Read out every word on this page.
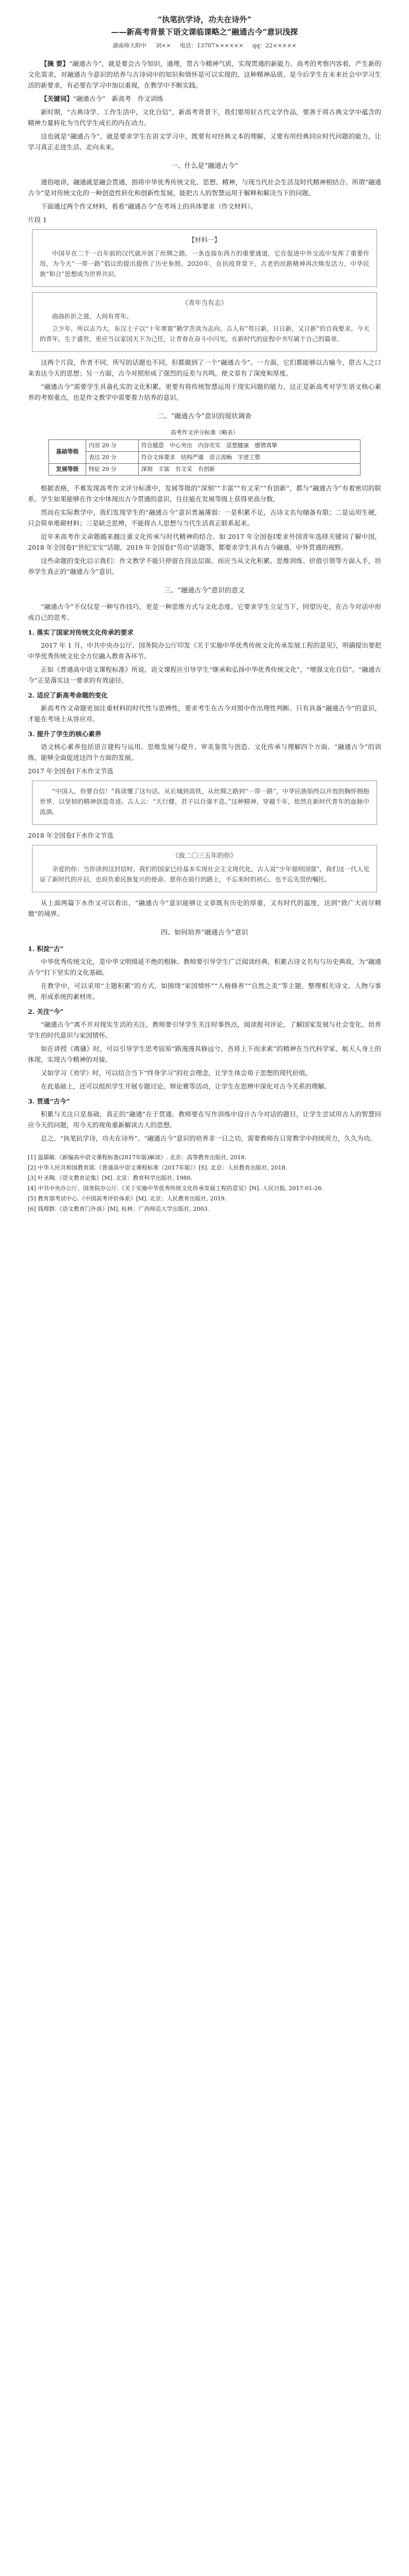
“执笔抗学诗，功夫在诗外”
——新高考背景下语文课临课略之“融通古今”意识浅探
湖南师大附中 刘×× 电话：13707×××××× qq：22×××××

【摘 要】“融通古今”，就是要会古今知识，通理，贯古今精神气质，实现贯通的新能力。高考的考察内容看，产生新的文化需求，对融通古今意识的培养与古诗词中的知识和情怀是可以实现的，这种精神品质，是今后学生在未来社会中学习生活的新要求，有必要在学习中加以重视，在教学中不断实践。

【关键词】“融通古今”　新高考　作文训练

新时期，“古典诗学、工作生活中，文化自信”，新高考背景下，我们要用好古代文学作品，要善于将古典文学中蕴含的精神力量转化为当代学生成长的内在动力。

这也就是“融通古今”，就是要求学生在语文学习中，既要有对经典文本的理解，又要有用经典回应时代问题的能力，让学习真正走进生活、走向未来。

一、什么是“融通古今”

通俗地讲，融通就是融会贯通，指将中华优秀传统文化、思想、精神，与现当代社会生活及时代精神相结合。所谓“融通古今”是对传统文化的一种创造性转化和创新性发展，能把古人的智慧运用于解释和解决当下的问题。

下面通过两个作文材料，看看“融通古今”在考场上的具体要求（作文材料）。

片段 1

【材料一】

中国早在二千一百年前的汉代就开创了丝绸之路，一条连接东西方的重要通道，它在促进中外交流中发挥了重要作用，为今天“一带一路”倡议的提出提供了历史参照。2020年，在抗疫背景下，古老的丝路精神再次焕发活力，中华民族“和合”思想成为世界共识。

《青年当有志》

曲曲折折之道，人间有青年。

立少年，所以志乃大，东汉士子以“十年寒窗”勤学苦读为志向，古人有“苟日新，日日新，又日新”的自我要求。今天的青年，生于盛世，更应当以家国天下为己任，让青春在奋斗中闪光，在新时代的征程中书写属于自己的篇章。

这两个片段，作者不同，所写的话题也不同，但都做到了一个“融通古今”。一方面，它们都能够以古喻今，借古人之口来表达今天的思想；另一方面，古今对照形成了强烈的反差与共鸣，使文章有了深度和厚度。

“融通古今”需要学生具备扎实的文化积累，更要有将传统智慧运用于现实问题的能力。这正是新高考对学生语文核心素养的考察重点，也是作文教学中需要着力培养的意识。

二、“融通古今”意识的现状调查
高考作文评分标准（略表）
基础等级	内容 20 分	符合题意　中心突出　内容充实　思想健康　感情真挚
	表达 20 分	符合文体要求　结构严谨　语言流畅　字迹工整
发展等级	特征 20 分	深刻　丰富　有文采　有创新

根据表格，不难发现高考作文评分标准中，发展等级的“深刻”“丰富”“有文采”“有创新”，都与“融通古今”有着密切的联系。学生如果能够在作文中体现出古今贯通的意识，往往能在发展等级上获得更高分数。

然而在实际教学中，我们发现学生的“融通古今”意识普遍薄弱：一是积累不足，古诗文名句储备有限；二是运用生硬，只会简单堆砌材料；三是缺乏思辨，不能将古人思想与当代生活真正联系起来。

近年来高考作文命题越来越注重文化传承与时代精神的结合。如 2017 年全国卷Ⅰ要求外国青年选择关键词了解中国，2018 年全国卷Ⅰ“世纪宝宝”话题，2019 年全国卷Ⅰ“劳动”话题等，都要求学生具有古今融通、中外贯通的视野。

这些命题的变化启示我们：作文教学不能只停留在技法层面，而应当从文化积累、思维训练、价值引领等方面入手，培养学生真正的“融通古今”意识。

三、“融通古今”意识的意义

“融通古今”不仅仅是一种写作技巧，更是一种思维方式与文化态度。它要求学生立足当下，回望历史，在古今对话中形成自己的思考。

1. 落实了国家对传统文化传承的要求

2017 年 1 月，中共中央办公厅、国务院办公厅印发《关于实施中华优秀传统文化传承发展工程的意见》，明确提出要把中华优秀传统文化全方位融入教育各环节。

正如《普通高中语文课程标准》所说，语文课程应引导学生“继承和弘扬中华优秀传统文化”，“增强文化自信”。“融通古今”正是落实这一要求的有效途径。

2. 适应了新高考命题的变化

新高考作文命题更加注重材料的时代性与思辨性，要求考生在古今对照中作出理性判断。只有具备“融通古今”的意识，才能在考场上从容应对。

3. 提升了学生的核心素养

语文核心素养包括语言建构与运用、思维发展与提升、审美鉴赏与创造、文化传承与理解四个方面。“融通古今”的训练，能够全面促进这四个方面的发展。

2017 年全国卷Ⅰ下水作文节选

“中国人，你要自信！”我读懂了这句话。从长城到高铁，从丝绸之路到“一带一路”，中华民族始终以开放的胸怀拥抱世界，以坚韧的精神创造奇迹。古人云：“天行健，君子以自强不息。”这种精神，穿越千年，依然在新时代青年的血脉中流淌。

2018 年全国卷Ⅰ下水作文节选

《致二〇三五年的你》

亲爱的你：当你读到这封信时，我们的国家已经基本实现社会主义现代化。古人说“少年强则国强”，我们这一代人见证了新时代的开启，也肩负着民族复兴的使命。愿你在前行的路上，不忘来时的初心，也不忘先贤的嘱托。

从上面两篇下水作文可以看出，“融通古今”意识能够让文章既有历史的厚重，又有时代的温度，达到“致广大而尽精微”的境界。

四、如何培养“融通古今”意识
1. 积淀“古”

中华优秀传统文化，是中华文明绵延不绝的根脉。教师要引导学生广泛阅读经典，积累古诗文名句与历史典故，为“融通古今”打下坚实的文化基础。

在教学中，可以采用“主题积累”的方式，如围绕“家国情怀”“人格修养”“自然之美”等主题，整理相关诗文、人物与事例，形成系统的素材库。

2. 关注“今”

“融通古今”离不开对现实生活的关注。教师要引导学生关注时事热点，阅读报刊评论，了解国家发展与社会变化，培养学生的时代意识与家国情怀。

如在讲授《离骚》时，可以引导学生思考屈原“路漫漫其修远兮，吾将上下而求索”的精神在当代科学家、航天人身上的体现，实现古今精神的对接。

又如学习《劝学》时，可以结合当下“终身学习”的社会理念，让学生体会荀子思想的现代价值。

在此基础上，还可以组织学生开展专题讨论、辩论赛等活动，让学生在思辨中深化对古今关系的理解。

3. 贯通“古今”

积累与关注只是基础，真正的“融通”在于贯通。教师要在写作训练中设计古今对话的题目，让学生尝试用古人的智慧回应今天的问题，用今天的视角重新解读古人的思想。

总之，“执笔抗学诗，功夫在诗外”。“融通古今”意识的培养非一日之功，需要教师在日常教学中持续用力，久久为功。

[1] 温儒敏.《新编高中语文课程标准(2017年版)解读》. 北京：高等教育出版社, 2018.

[2] 中华人民共和国教育部.《普通高中语文课程标准（2017年版）》[S]. 北京：人民教育出版社, 2018.

[3] 叶圣陶.《语文教育论集》[M]. 北京：教育科学出版社, 1980.

[4] 中共中央办公厅、国务院办公厅.《关于实施中华优秀传统文化传承发展工程的意见》[N]. 人民日报, 2017-01-26.

[5] 教育部考试中心.《中国高考评价体系》[M]. 北京：人民教育出版社, 2019.

[6] 钱理群.《语文教育门外谈》[M]. 桂林：广西师范大学出版社, 2003.
